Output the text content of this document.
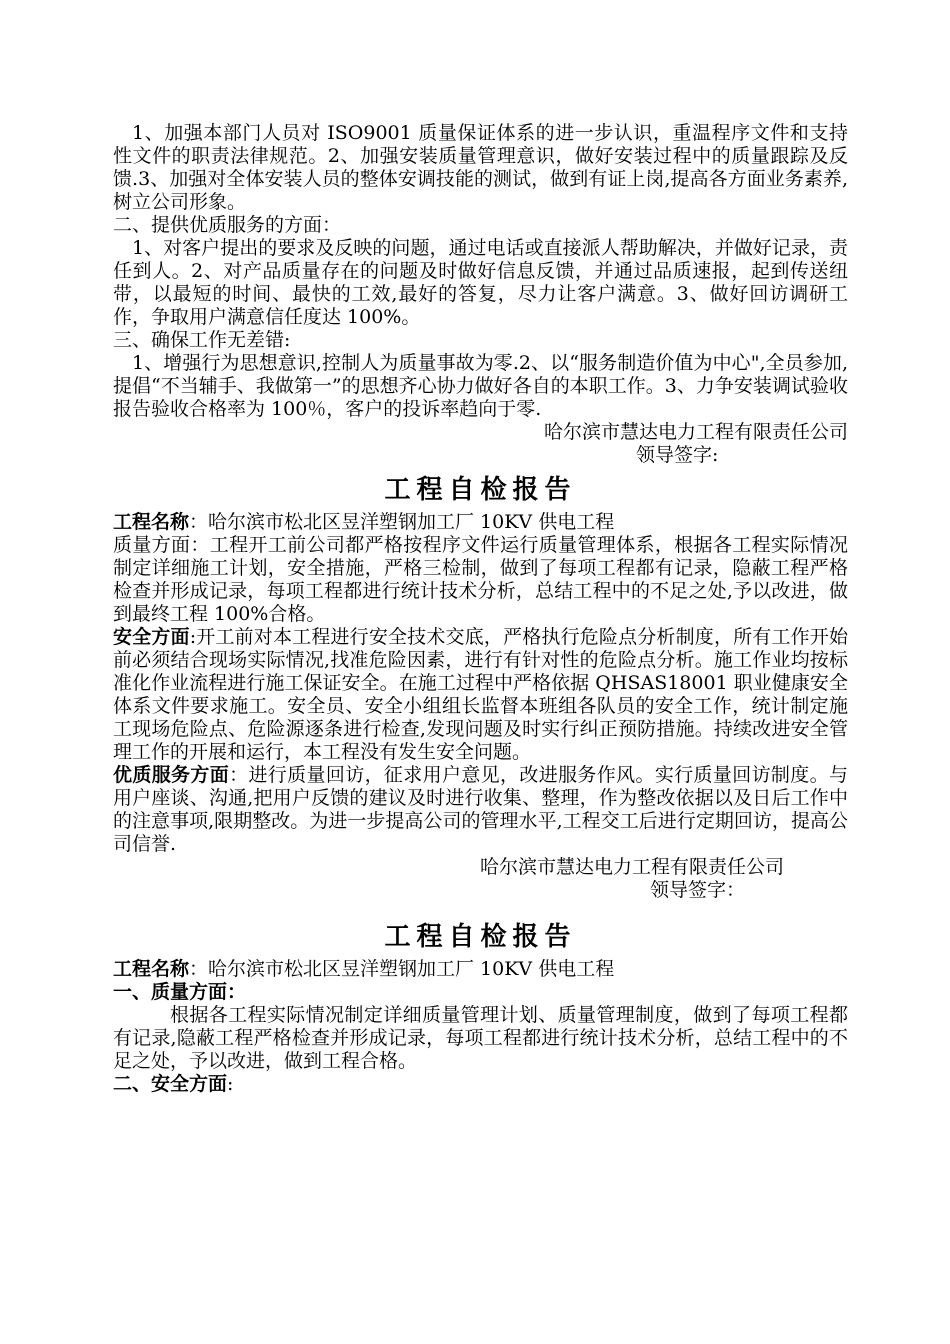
1、加强本部门人员对 ISO9001 质量保证体系的进一步认识，重温程序文件和支持性文件的职责法律规范。2、加强安装质量管理意识，做好安装过程中的质量跟踪及反馈.3、加强对全体安装人员的整体安调技能的测试，做到有证上岗,提高各方面业务素养,树立公司形象。

二、提供优质服务的方面：

1、对客户提出的要求及反映的问题，通过电话或直接派人帮助解决，并做好记录，责任到人。2、对产品质量存在的问题及时做好信息反馈，并通过品质速报，起到传送纽带，以最短的时间、最快的工效,最好的答复，尽力让客户满意。3、做好回访调研工作，争取用户满意信任度达 100%。

三、确保工作无差错:

1、增强行为思想意识,控制人为质量事故为零.2、以“服务制造价值为中心",全员参加,提倡“不当辅手、我做第一”的思想齐心协力做好各自的本职工作。3、力争安装调试验收报告验收合格率为 100％，客户的投诉率趋向于零.

哈尔滨市慧达电力工程有限责任公司

领导签字:

工程自检报告

工程名称：哈尔滨市松北区昱洋塑钢加工厂 10KV 供电工程

质量方面：工程开工前公司都严格按程序文件运行质量管理体系，根据各工程实际情况制定详细施工计划，安全措施，严格三检制，做到了每项工程都有记录，隐蔽工程严格检查并形成记录，每项工程都进行统计技术分析，总结工程中的不足之处,予以改进，做到最终工程 100%合格。

安全方面:开工前对本工程进行安全技术交底，严格执行危险点分析制度，所有工作开始前必须结合现场实际情况,找准危险因素，进行有针对性的危险点分析。施工作业均按标准化作业流程进行施工保证安全。在施工过程中严格依据 QHSAS18001 职业健康安全体系文件要求施工。安全员、安全小组组长监督本班组各队员的安全工作，统计制定施工现场危险点、危险源逐条进行检查,发现问题及时实行纠正预防措施。持续改进安全管理工作的开展和运行，本工程没有发生安全问题。

优质服务方面：进行质量回访，征求用户意见，改进服务作风。实行质量回访制度。与用户座谈、沟通,把用户反馈的建议及时进行收集、整理，作为整改依据以及日后工作中的注意事项,限期整改。为进一步提高公司的管理水平,工程交工后进行定期回访，提高公司信誉.

哈尔滨市慧达电力工程有限责任公司

领导签字：

工程自检报告

工程名称：哈尔滨市松北区昱洋塑钢加工厂 10KV 供电工程

一、质量方面：

根据各工程实际情况制定详细质量管理计划、质量管理制度，做到了每项工程都有记录,隐蔽工程严格检查并形成记录，每项工程都进行统计技术分析，总结工程中的不足之处，予以改进，做到工程合格。

二、安全方面:
